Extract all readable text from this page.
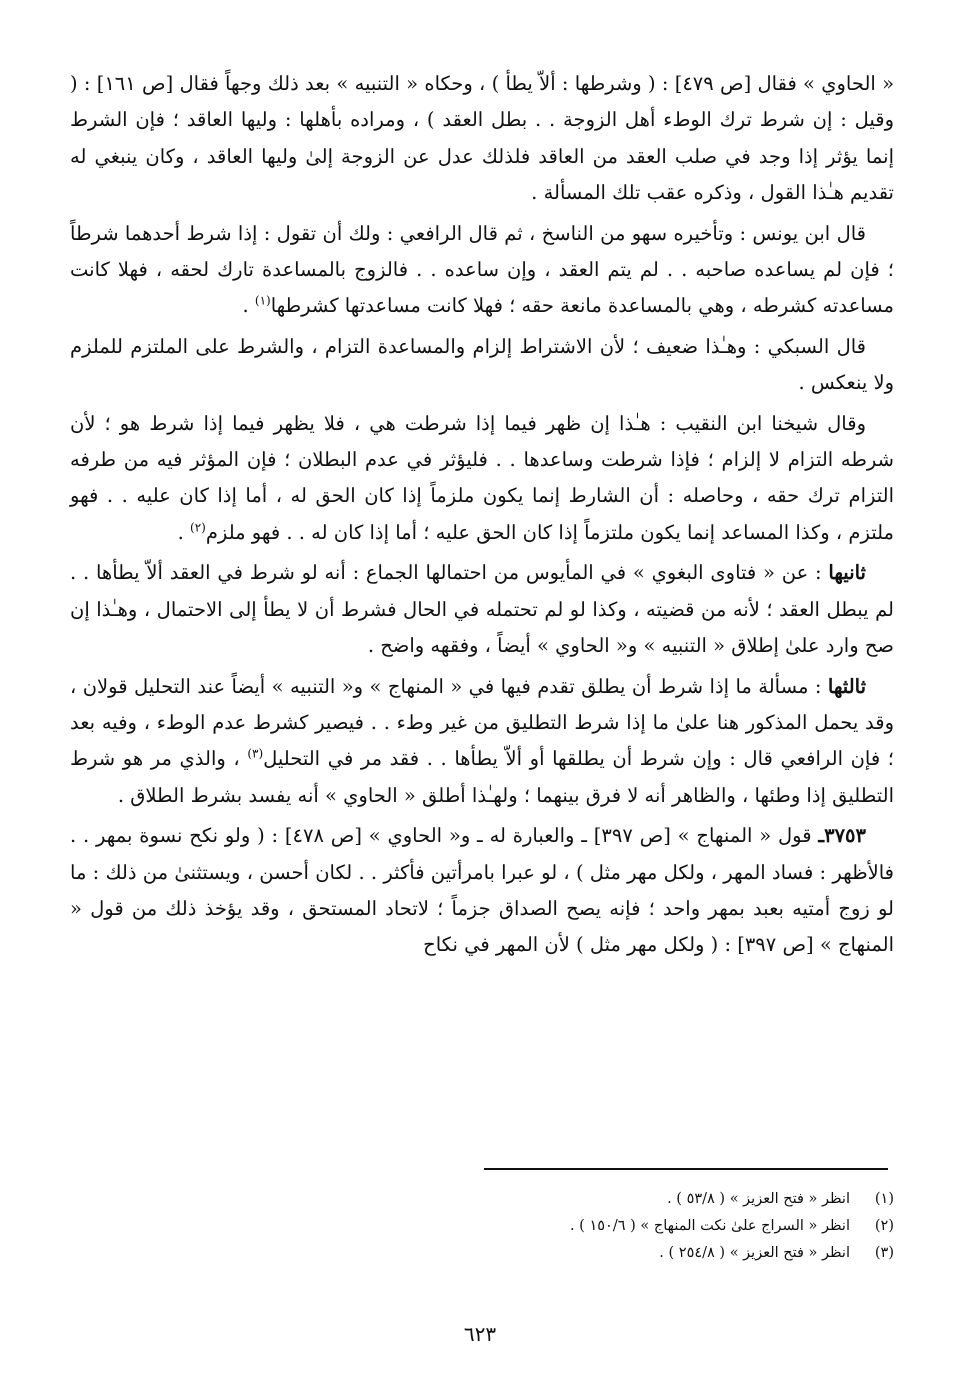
« الحاوي » فقال [ص ٤٧٩] : ( وشرطها : ألاّ يطأ ) ، وحكاه « التنبيه » بعد ذلك وجهاً فقال [ص ١٦١] : ( وقيل : إن شرط ترك الوطء أهل الزوجة . . بطل العقد ) ، ومراده بأهلها : وليها العاقد ؛ فإن الشرط إنما يؤثر إذا وجد في صلب العقد من العاقد فلذلك عدل عن الزوجة إلىٰ وليها العاقد ، وكان ينبغي له تقديم هـٰذا القول ، وذكره عقب تلك المسألة .

قال ابن يونس : وتأخيره سهو من الناسخ ، ثم قال الرافعي : ولك أن تقول : إذا شرط أحدهما شرطاً ؛ فإن لم يساعده صاحبه . . لم يتم العقد ، وإن ساعده . . فالزوج بالمساعدة تارك لحقه ، فهلا كانت مساعدته كشرطه ، وهي بالمساعدة مانعة حقه ؛ فهلا كانت مساعدتها كشرطها$^{(١)}$ .

قال السبكي : وهـٰذا ضعيف ؛ لأن الاشتراط إلزام والمساعدة التزام ، والشرط على الملتزم للملزم ولا ينعكس .

وقال شيخنا ابن النقيب : هـٰذا إن ظهر فيما إذا شرطت هي ، فلا يظهر فيما إذا شرط هو ؛ لأن شرطه التزام لا إلزام ؛ فإذا شرطت وساعدها . . فليؤثر في عدم البطلان ؛ فإن المؤثر فيه من طرفه التزام ترك حقه ، وحاصله : أن الشارط إنما يكون ملزماً إذا كان الحق له ، أما إذا كان عليه . . فهو ملتزم ، وكذا المساعد إنما يكون ملتزماً إذا كان الحق عليه ؛ أما إذا كان له . . فهو ملزم$^{(٢)}$ .

ثانيها : عن « فتاوى البغوي » في المأيوس من احتمالها الجماع : أنه لو شرط في العقد ألاّ يطأها . . لم يبطل العقد ؛ لأنه من قضيته ، وكذا لو لم تحتمله في الحال فشرط أن لا يطأ إلى الاحتمال ، وهـٰذا إن صح وارد علىٰ إطلاق « التنبيه » و« الحاوي » أيضاً ، وفقهه واضح .

ثالثها : مسألة ما إذا شرط أن يطلق تقدم فيها في « المنهاج » و« التنبيه » أيضاً عند التحليل قولان ، وقد يحمل المذكور هنا علىٰ ما إذا شرط التطليق من غير وطء . . فيصير كشرط عدم الوطء ، وفيه بعد ؛ فإن الرافعي قال : وإن شرط أن يطلقها أو ألاّ يطأها . . فقد مر في التحليل$^{(٣)}$ ، والذي مر هو شرط التطليق إذا وطئها ، والظاهر أنه لا فرق بينهما ؛ ولهـٰذا أطلق « الحاوي » أنه يفسد بشرط الطلاق .

٣٧٥٣ـ قول « المنهاج » [ص ٣٩٧] ـ والعبارة له ـ و« الحاوي » [ص ٤٧٨] : ( ولو نكح نسوة بمهر . . فالأظهر : فساد المهر ، ولكل مهر مثل ) ، لو عبرا بامرأتين فأكثر . . لكان أحسن ، ويستثنىٰ من ذلك : ما لو زوج أمتيه بعبد بمهر واحد ؛ فإنه يصح الصداق جزماً ؛ لاتحاد المستحق ، وقد يؤخذ ذلك من قول « المنهاج » [ص ٣٩٧] : ( ولكل مهر مثل ) لأن المهر في نكاح

(١)
انظر « فتح العزيز » ( ٥٣/٨ ) .
(٢)
انظر « السراج علىٰ نكت المنهاج » ( ١٥٠/٦ ) .
(٣)
انظر « فتح العزيز » ( ٢٥٤/٨ ) .
٦٢٣
